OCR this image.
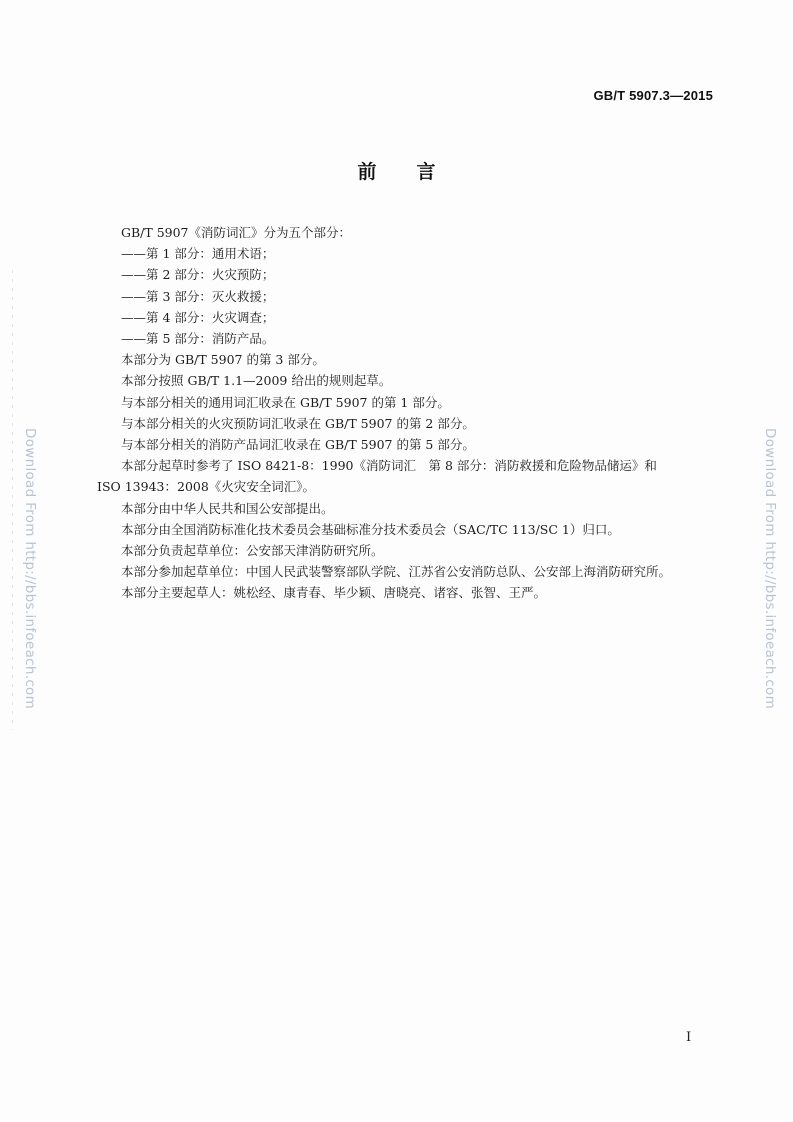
GB/T 5907.3—2015
前言

GB/T 5907《消防词汇》分为五个部分：

——第 1 部分：通用术语；

——第 2 部分：火灾预防；

——第 3 部分：灭火救援；

——第 4 部分：火灾调查；

——第 5 部分：消防产品。

本部分为 GB/T 5907 的第 3 部分。

本部分按照 GB/T 1.1—2009 给出的规则起草。

与本部分相关的通用词汇收录在 GB/T 5907 的第 1 部分。

与本部分相关的火灾预防词汇收录在 GB/T 5907 的第 2 部分。

与本部分相关的消防产品词汇收录在 GB/T 5907 的第 5 部分。

本部分起草时参考了 ISO 8421-8：1990《消防词汇　第 8 部分：消防救援和危险物品储运》和

ISO 13943：2008《火灾安全词汇》。

本部分由中华人民共和国公安部提出。

本部分由全国消防标准化技术委员会基础标准分技术委员会（SAC/TC 113/SC 1）归口。

本部分负责起草单位：公安部天津消防研究所。

本部分参加起草单位：中国人民武装警察部队学院、江苏省公安消防总队、公安部上海消防研究所。

本部分主要起草人：姚松经、康青春、毕少颖、唐晓亮、诸容、张智、王严。

Download From http://bbs.infoeach.com	Download From http://bbs.infoeach.com
I
